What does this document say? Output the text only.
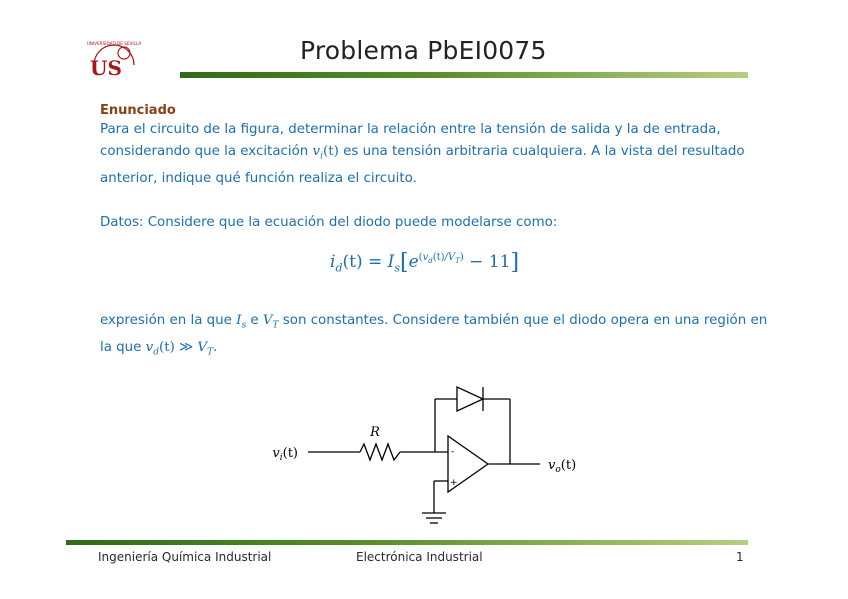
UNIVERSIDAD DE SEVILLA
US
Problema PbEI0075
Enunciado
Para el circuito de la figura, determinar la relación entre la tensión de salida y la de entrada, considerando que la excitación $v_i(t)$ es una tensión arbitraria cualquiera. A la vista del resultado anterior, indique qué función realiza el circuito.
Datos: Considere que la ecuación del diodo puede modelarse como:
$i_d(t) = I_s[e^{(v_d(t)/V_T)} - 11]$
expresión en la que $I_s$ e $V_T$ son constantes. Considere también que el diodo opera en una región en la que $v_d(t)$ ≫ $V_T$.
$v_i(t)$
R
$v_o(t)$
-
+
Ingeniería Química Industrial	Electrónica Industrial	1
